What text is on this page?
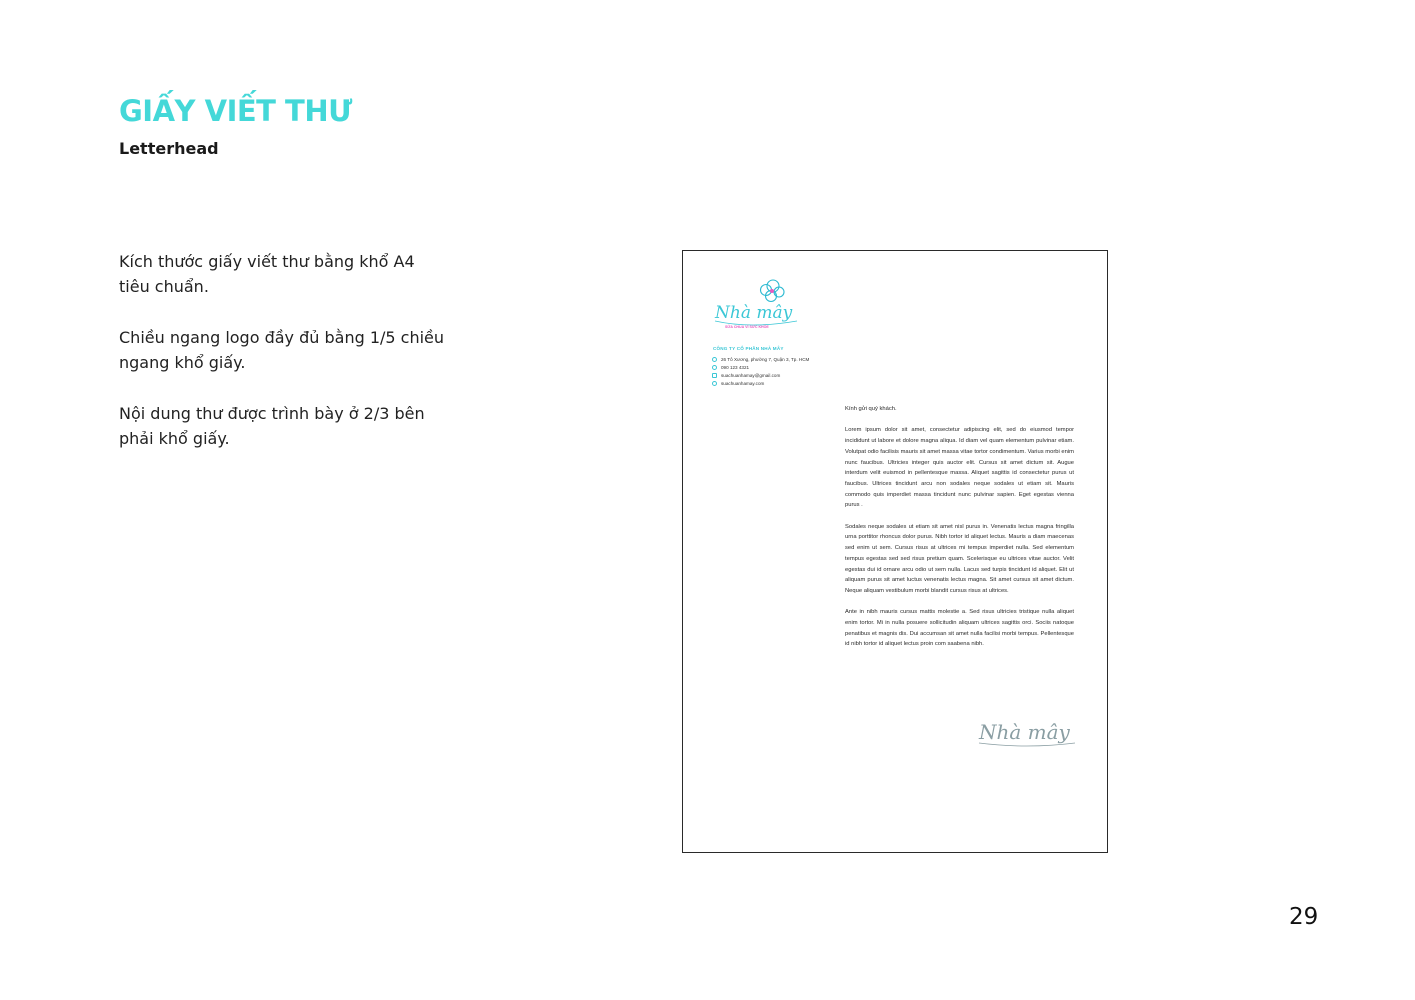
GIẤY VIẾT THƯ
Letterhead

Kích thước giấy viết thư bằng khổ A4 tiêu chuẩn.

Chiều ngang logo đầy đủ bằng 1/5 chiều ngang khổ giấy.

Nội dung thư được trình bày ở 2/3 bên phải khổ giấy.

Nhà mây
SỮA CHUA VÌ SỨC KHỎE
CÔNG TY CỔ PHẦN NHÀ MÂY
26 Tô Xương, phường 7, Quận 3, Tp. HCM
090 123 4321
suachuanhamay@gmail.com
suachuanhamay.com

Kính gửi quý khách.

Lorem ipsum dolor sit amet, consectetur adipiscing elit, sed do eiusmod tempor incididunt ut labore et dolore magna aliqua. Id diam vel quam elementum pulvinar etiam. Volutpat odio facilisis mauris sit amet massa vitae tortor condimentum. Varius morbi enim nunc faucibus. Ultricies integer quis auctor elit. Cursus sit amet dictum sit. Augue interdum velit euismod in pellentesque massa. Aliquet sagittis id consectetur purus ut faucibus. Ultrices tincidunt arcu non sodales neque sodales ut etiam sit. Mauris commodo quis imperdiet massa tincidunt nunc pulvinar sapien. Eget egestas vienna purus .

Sodales neque sodales ut etiam sit amet nisl purus in. Venenatis lectus magna fringilla urna porttitor rhoncus dolor purus. Nibh tortor id aliquet lectus. Mauris a diam maecenas sed enim ut sem. Cursus risus at ultrices mi tempus imperdiet nulla. Sed elementum tempus egestas sed sed risus pretium quam. Scelerisque eu ultrices vitae auctor. Velit egestas dui id ornare arcu odio ut sem nulla. Lacus sed turpis tincidunt id aliquet. Elit ut aliquam purus sit amet luctus venenatis lectus magna. Sit amet cursus sit amet dictum. Neque aliquam vestibulum morbi blandit cursus risus at ultrices.

Ante in nibh mauris cursus mattis molestie a. Sed risus ultricies tristique nulla aliquet enim tortor. Mi in nulla posuere sollicitudin aliquam ultrices sagittis orci. Sociis natoque penatibus et magnis dis. Dui accumsan sit amet nulla facilisi morbi tempus. Pellentesque id nibh tortor id aliquet lectus proin com saabena nibh.

Nhà mây
29
